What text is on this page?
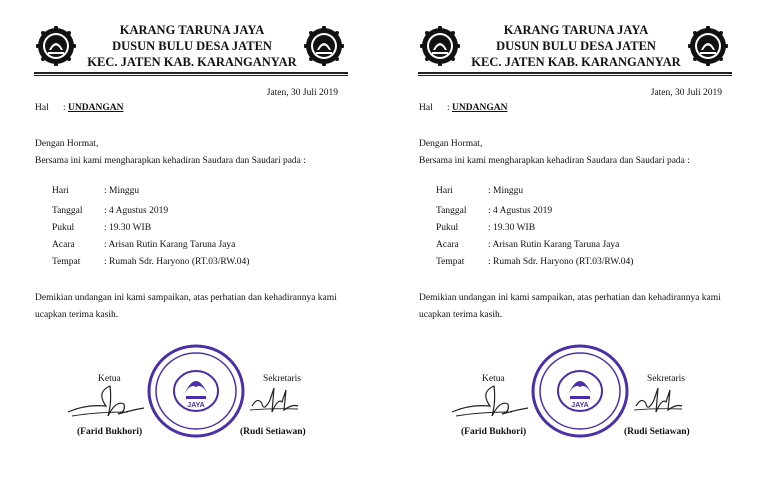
KARANG TARUNA JAYA
DUSUN BULU DESA JATEN
KEC. JATEN KAB. KARANGANYAR
Jaten, 30 Juli 2019
Hal : UNDANGAN
Dengan Hormat,
Bersama ini kami mengharapkan kehadiran Saudara dan Saudari pada :
Hari	: Minggu
Tanggal : 4 Agustus 2019
Pukul	: 19.30 WIB
Acara	: Arisan Rutin Karang Taruna Jaya
Tempat : Rumah Sdr. Haryono (RT.03/RW.04)
Demikian undangan ini kami sampaikan, atas perhatian dan kehadirannya kami
ucapkan terima kasih.
JAYA
Ketua	Sekretaris
(Farid Bukhori)	(Rudi Setiawan)
KARANG TARUNA JAYA
DUSUN BULU DESA JATEN
KEC. JATEN KAB. KARANGANYAR
Jaten, 30 Juli 2019
Hal : UNDANGAN
Dengan Hormat,
Bersama ini kami mengharapkan kehadiran Saudara dan Saudari pada :
Hari	: Minggu
Tanggal : 4 Agustus 2019
Pukul	: 19.30 WIB
Acara	: Arisan Rutin Karang Taruna Jaya
Tempat : Rumah Sdr. Haryono (RT.03/RW.04)
Demikian undangan ini kami sampaikan, atas perhatian dan kehadirannya kami
ucapkan terima kasih.
JAYA
Ketua	Sekretaris
(Farid Bukhori)	(Rudi Setiawan)
